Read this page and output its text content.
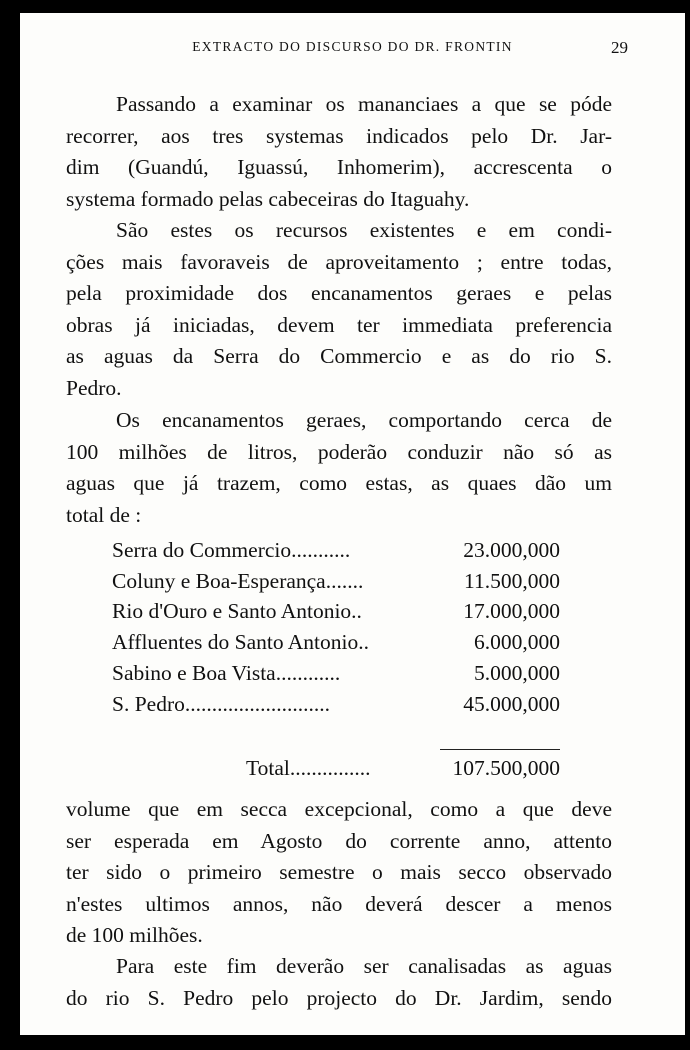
EXTRACTO DO DISCURSO DO DR. FRONTIN	29

Passando a examinar os mananciaes a que se póde

recorrer, aos tres systemas indicados pelo Dr. Jar-

dim (Guandú, Iguassú, Inhomerim), accrescenta o

systema formado pelas cabeceiras do Itaguahy.

São estes os recursos existentes e em condi-

ções mais favoraveis de aproveitamento ; entre todas,

pela proximidade dos encanamentos geraes e pelas

obras já iniciadas, devem ter immediata preferencia

as aguas da Serra do Commercio e as do rio S.

Pedro.

Os encanamentos geraes, comportando cerca de

100 milhões de litros, poderão conduzir não só as

aguas que já trazem, como estas, as quaes dão um

total de :

Serra do Commercio...........	23.000,000
Coluny e Boa-Esperança.......	11.500,000
Rio d'Ouro e Santo Antonio..	17.000,000
Affluentes do Santo Antonio..	6.000,000
Sabino e Boa Vista............	5.000,000
S. Pedro...........................	45.000,000
Total...............	107.500,000

volume que em secca excepcional, como a que deve

ser esperada em Agosto do corrente anno, attento

ter sido o primeiro semestre o mais secco observado

n'estes ultimos annos, não deverá descer a menos

de 100 milhões.

Para este fim deverão ser canalisadas as aguas

do rio S. Pedro pelo projecto do Dr. Jardim, sendo
